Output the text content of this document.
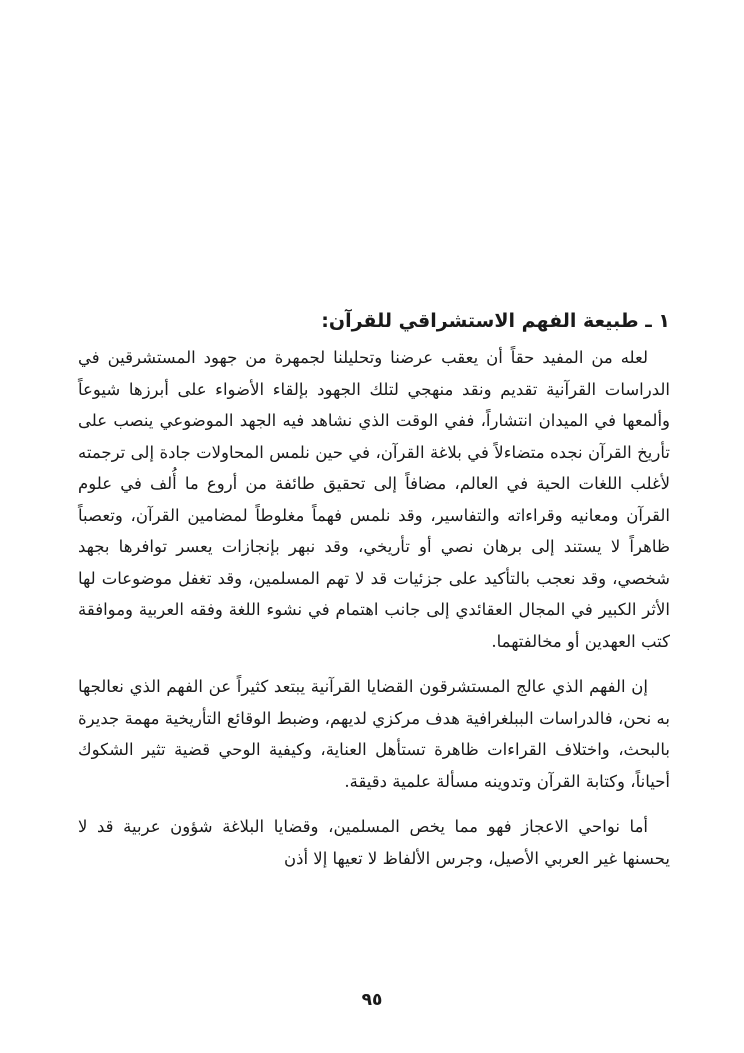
١ ـ طبيعة الفهم الاستشراقي للقرآن:

لعله من المفيد حقاً أن يعقب عرضنا وتحليلنا لجمهرة من جهود المستشرقين في الدراسات القرآنية تقديم ونقد منهجي لتلك الجهود بإلقاء الأضواء على أبرزها شيوعاً وألمعها في الميدان انتشاراً، ففي الوقت الذي نشاهد فيه الجهد الموضوعي ينصب على تأريخ القرآن نجده متضاءلاً في بلاغة القرآن، في حين نلمس المحاولات جادة إلى ترجمته لأغلب اللغات الحية في العالم، مضافاً إلى تحقيق طائفة من أروع ما أُلف في علوم القرآن ومعانيه وقراءاته والتفاسير، وقد نلمس فهماً مغلوطاً لمضامين القرآن، وتعصباً ظاهراً لا يستند إلى برهان نصي أو تأريخي، وقد نبهر بإنجازات يعسر توافرها بجهد شخصي، وقد نعجب بالتأكيد على جزئيات قد لا تهم المسلمين، وقد تغفل موضوعات لها الأثر الكبير في المجال العقائدي إلى جانب اهتمام في نشوء اللغة وفقه العربية وموافقة كتب العهدين أو مخالفتهما.

إن الفهم الذي عالج المستشرقون القضايا القرآنية يبتعد كثيراً عن الفهم الذي نعالجها به نحن، فالدراسات الببلغرافية هدف مركزي لديهم، وضبط الوقائع التأريخية مهمة جديرة بالبحث، واختلاف القراءات ظاهرة تستأهل العناية، وكيفية الوحي قضية تثير الشكوك أحياناً، وكتابة القرآن وتدوينه مسألة علمية دقيقة.

أما نواحي الاعجاز فهو مما يخص المسلمين، وقضايا البلاغة شؤون عربية قد لا يحسنها غير العربي الأصيل، وجرس الألفاظ لا تعيها إلا أذن

٩٥
